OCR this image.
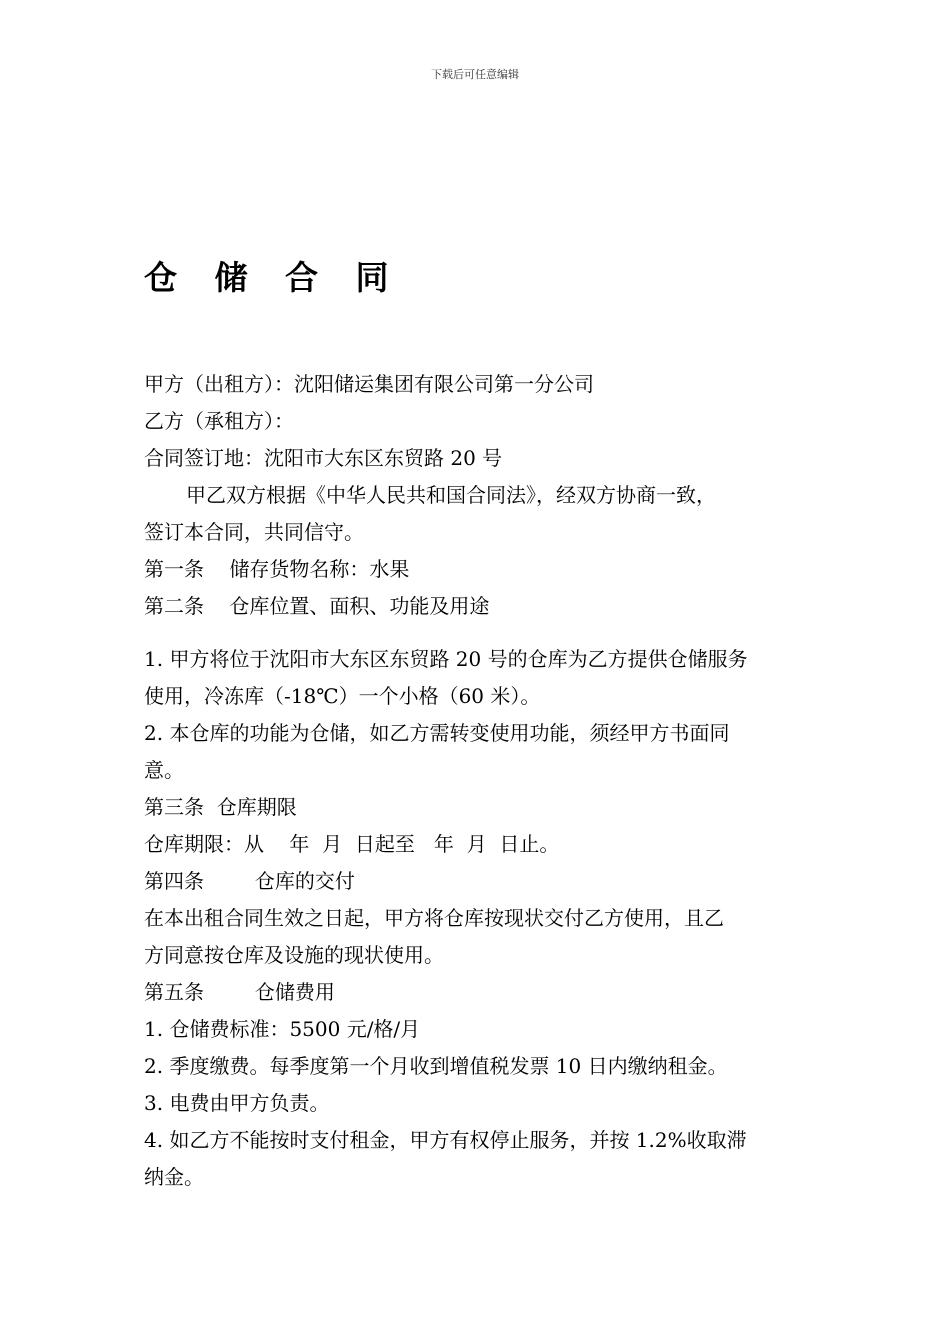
下载后可任意编辑
仓 储 合 同
甲方（出租方）：沈阳储运集团有限公司第一分公司
乙方（承租方）：
合同签订地：沈阳市大东区东贸路 20 号
甲乙双方根据《中华人民共和国合同法》，经双方协商一致，
签订本合同，共同信守。
第一条    储存货物名称：水果
第二条    仓库位置、面积、功能及用途
1. 甲方将位于沈阳市大东区东贸路 20 号的仓库为乙方提供仓储服务
使用，冷冻库（-18℃）一个小格（60 米）。
2. 本仓库的功能为仓储，如乙方需转变使用功能，须经甲方书面同
意。
第三条  仓库期限
仓库期限：从    年  月  日起至   年  月  日止。
第四条        仓库的交付
在本出租合同生效之日起，甲方将仓库按现状交付乙方使用，且乙
方同意按仓库及设施的现状使用。
第五条        仓储费用
1. 仓储费标准：5500 元/格/月
2. 季度缴费。每季度第一个月收到增值税发票 10 日内缴纳租金。
3. 电费由甲方负责。
4. 如乙方不能按时支付租金，甲方有权停止服务，并按 1.2%收取滞
纳金。
